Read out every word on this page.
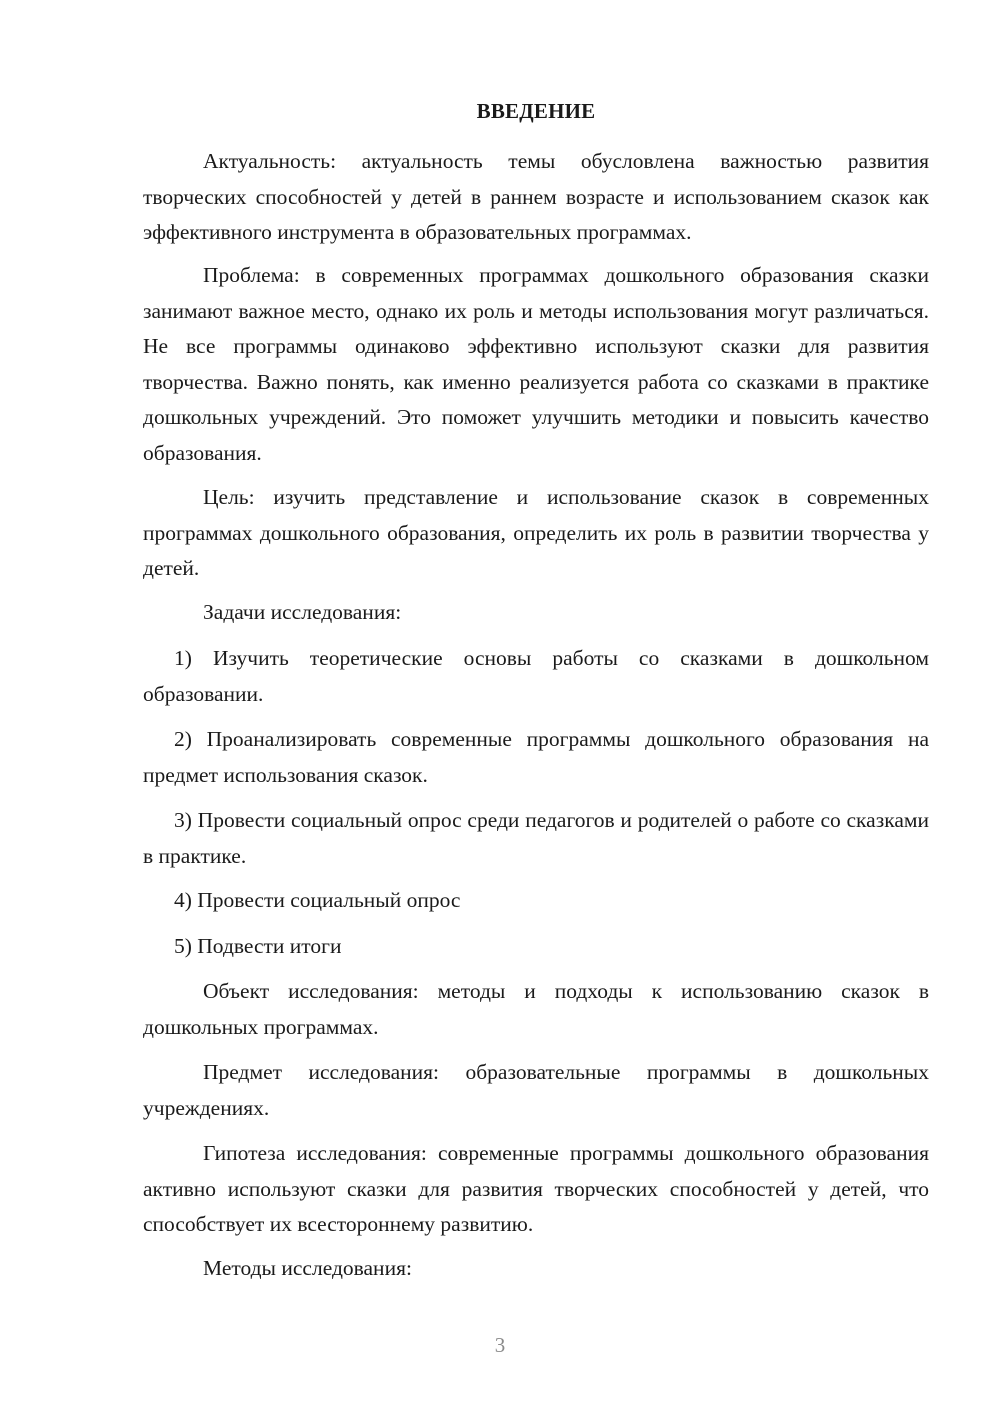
ВВЕДЕНИЕ

Актуальность: актуальность темы обусловлена важностью развития творческих способностей у детей в раннем возрасте и использованием сказок как эффективного инструмента в образовательных программах.

Проблема: в современных программах дошкольного образования сказки занимают важное место, однако их роль и методы использования могут различаться. Не все программы одинаково эффективно используют сказки для развития творчества. Важно понять, как именно реализуется работа со сказками в практике дошкольных учреждений. Это поможет улучшить методики и повысить качество образования.

Цель: изучить представление и использование сказок в современных программах дошкольного образования, определить их роль в развитии творчества у детей.

Задачи исследования:

1) Изучить теоретические основы работы со сказками в дошкольном образовании.

2) Проанализировать современные программы дошкольного образования на предмет использования сказок.

3) Провести социальный опрос среди педагогов и родителей о работе со сказками в практике.

4) Провести социальный опрос

5) Подвести итоги

Объект исследования: методы и подходы к использованию сказок в дошкольных программах.

Предмет исследования: образовательные программы в дошкольных учреждениях.

Гипотеза исследования: современные программы дошкольного образования активно используют сказки для развития творческих способностей у детей, что способствует их всестороннему развитию.

Методы исследования:

3
